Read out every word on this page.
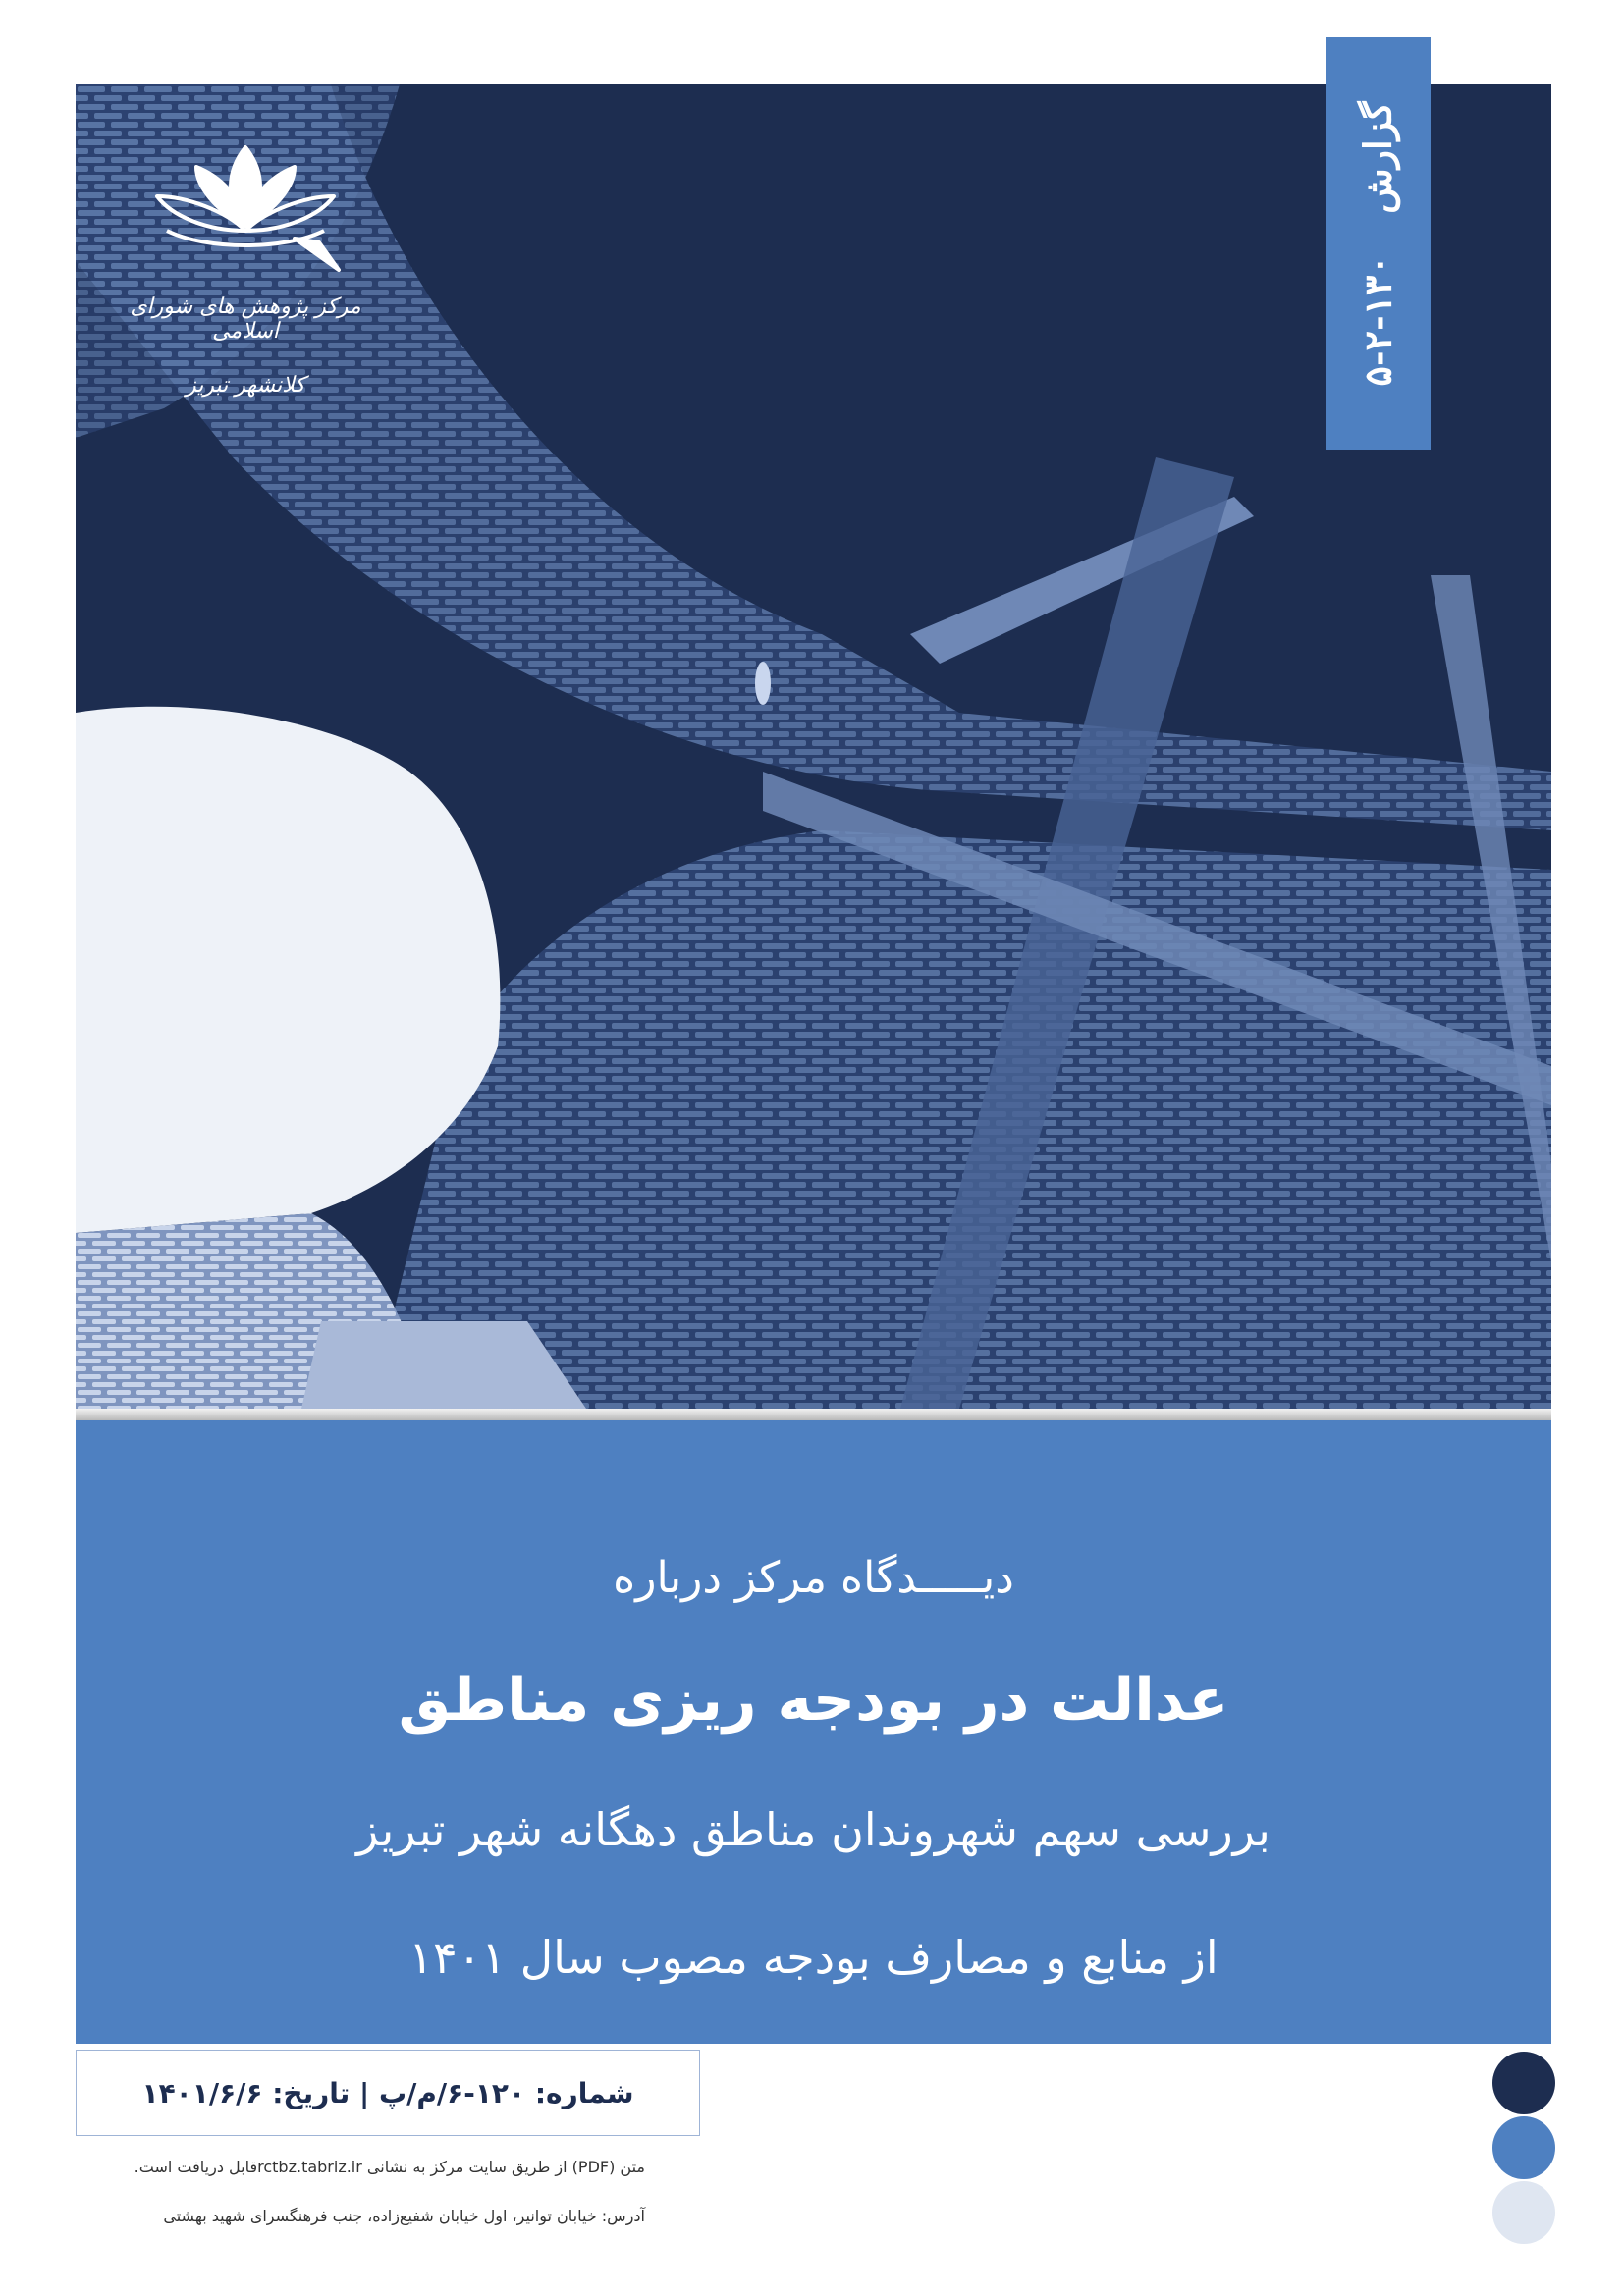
۵-۲-۱۳۰ گزارش
مرکز پژوهش های شورای اسلامی
کلانشهر تبریز
دیـــــدگاه مرکز درباره
عدالت در بودجه ریزی مناطق
بررسی سهم شهروندان مناطق دهگانه شهر تبریز
از منابع و مصارف بودجه مصوب سال ۱۴۰۱
شماره: ۱۲۰-۶/م/پ | تاریخ: ۱۴۰۱/۶/۶
متن (PDF) از طریق سایت مرکز به نشانی rctbz.tabriz.irقابل دریافت است.
آدرس: خیابان توانیر، اول خیابان شفیع‌زاده، جنب فرهنگسرای شهید بهشتی
